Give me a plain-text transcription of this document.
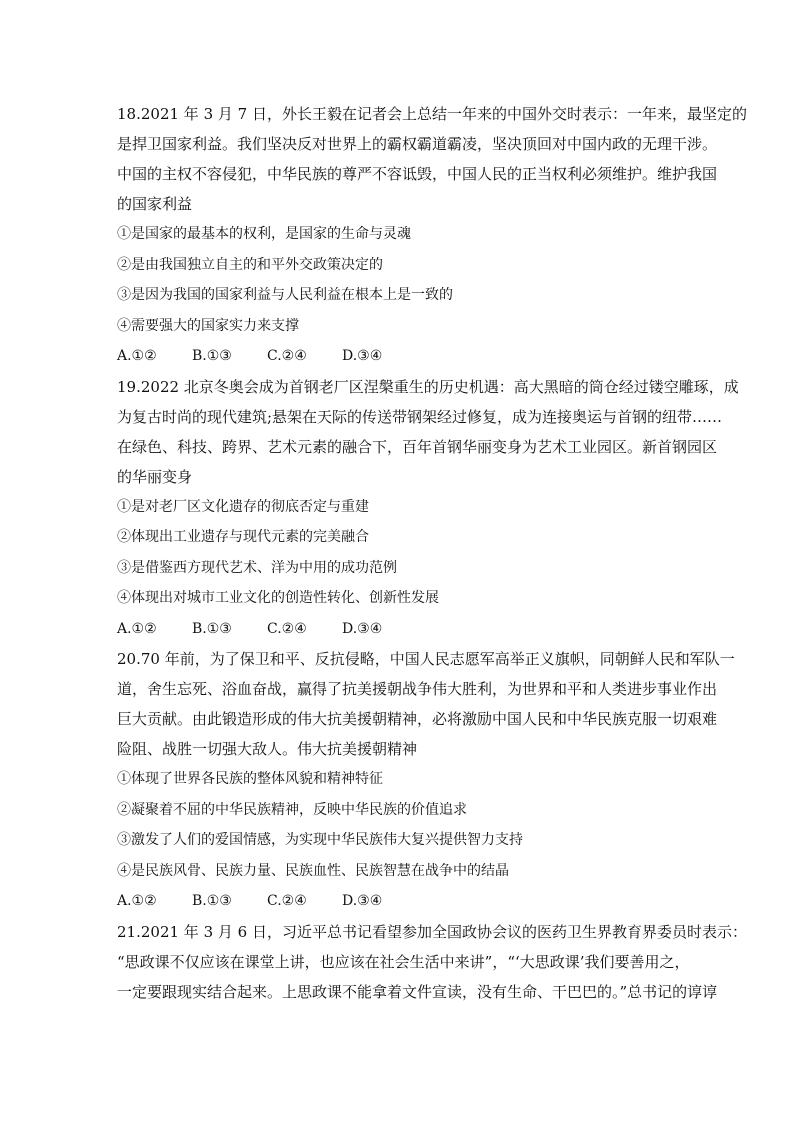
18.2021 年 3 月 7 日，外长王毅在记者会上总结一年来的中国外交时表示：一年来，最坚定的
是捍卫国家利益。我们坚决反对世界上的霸权霸道霸凌，坚决顶回对中国内政的无理干涉。
中国的主权不容侵犯，中华民族的尊严不容诋毁，中国人民的正当权利必须维护。维护我国
的国家利益
①是国家的最基本的权利，是国家的生命与灵魂
②是由我国独立自主的和平外交政策决定的
③是因为我国的国家利益与人民利益在根本上是一致的
④需要强大的国家实力来支撑
A.①②	B.①③	C.②④	D.③④
19.2022 北京冬奥会成为首钢老厂区涅槃重生的历史机遇：高大黑暗的筒仓经过镂空雕琢，成
为复古时尚的现代建筑;悬架在天际的传送带钢架经过修复，成为连接奥运与首钢的纽带……
在绿色、科技、跨界、艺术元素的融合下，百年首钢华丽变身为艺术工业园区。新首钢园区
的华丽变身
①是对老厂区文化遗存的彻底否定与重建
②体现出工业遗存与现代元素的完美融合
③是借鉴西方现代艺术、洋为中用的成功范例
④体现出对城市工业文化的创造性转化、创新性发展
A.①②	B.①③	C.②④	D.③④
20.70 年前，为了保卫和平、反抗侵略，中国人民志愿军高举正义旗帜，同朝鲜人民和军队一
道，舍生忘死、浴血奋战，赢得了抗美援朝战争伟大胜利，为世界和平和人类进步事业作出
巨大贡献。由此锻造形成的伟大抗美援朝精神，必将激励中国人民和中华民族克服一切艰难
险阻、战胜一切强大敌人。伟大抗美援朝精神
①体现了世界各民族的整体风貌和精神特征
②凝聚着不屈的中华民族精神，反映中华民族的价值追求
③激发了人们的爱国情感，为实现中华民族伟大复兴提供智力支持
④是民族风骨、民族力量、民族血性、民族智慧在战争中的结晶
A.①②	B.①③	C.②④	D.③④
21.2021 年 3 月 6 日，习近平总书记看望参加全国政协会议的医药卫生界教育界委员时表示：
“思政课不仅应该在课堂上讲，也应该在社会生活中来讲”，“‘大思政课’我们要善用之，
一定要跟现实结合起来。上思政课不能拿着文件宣读，没有生命、干巴巴的。”总书记的谆谆
